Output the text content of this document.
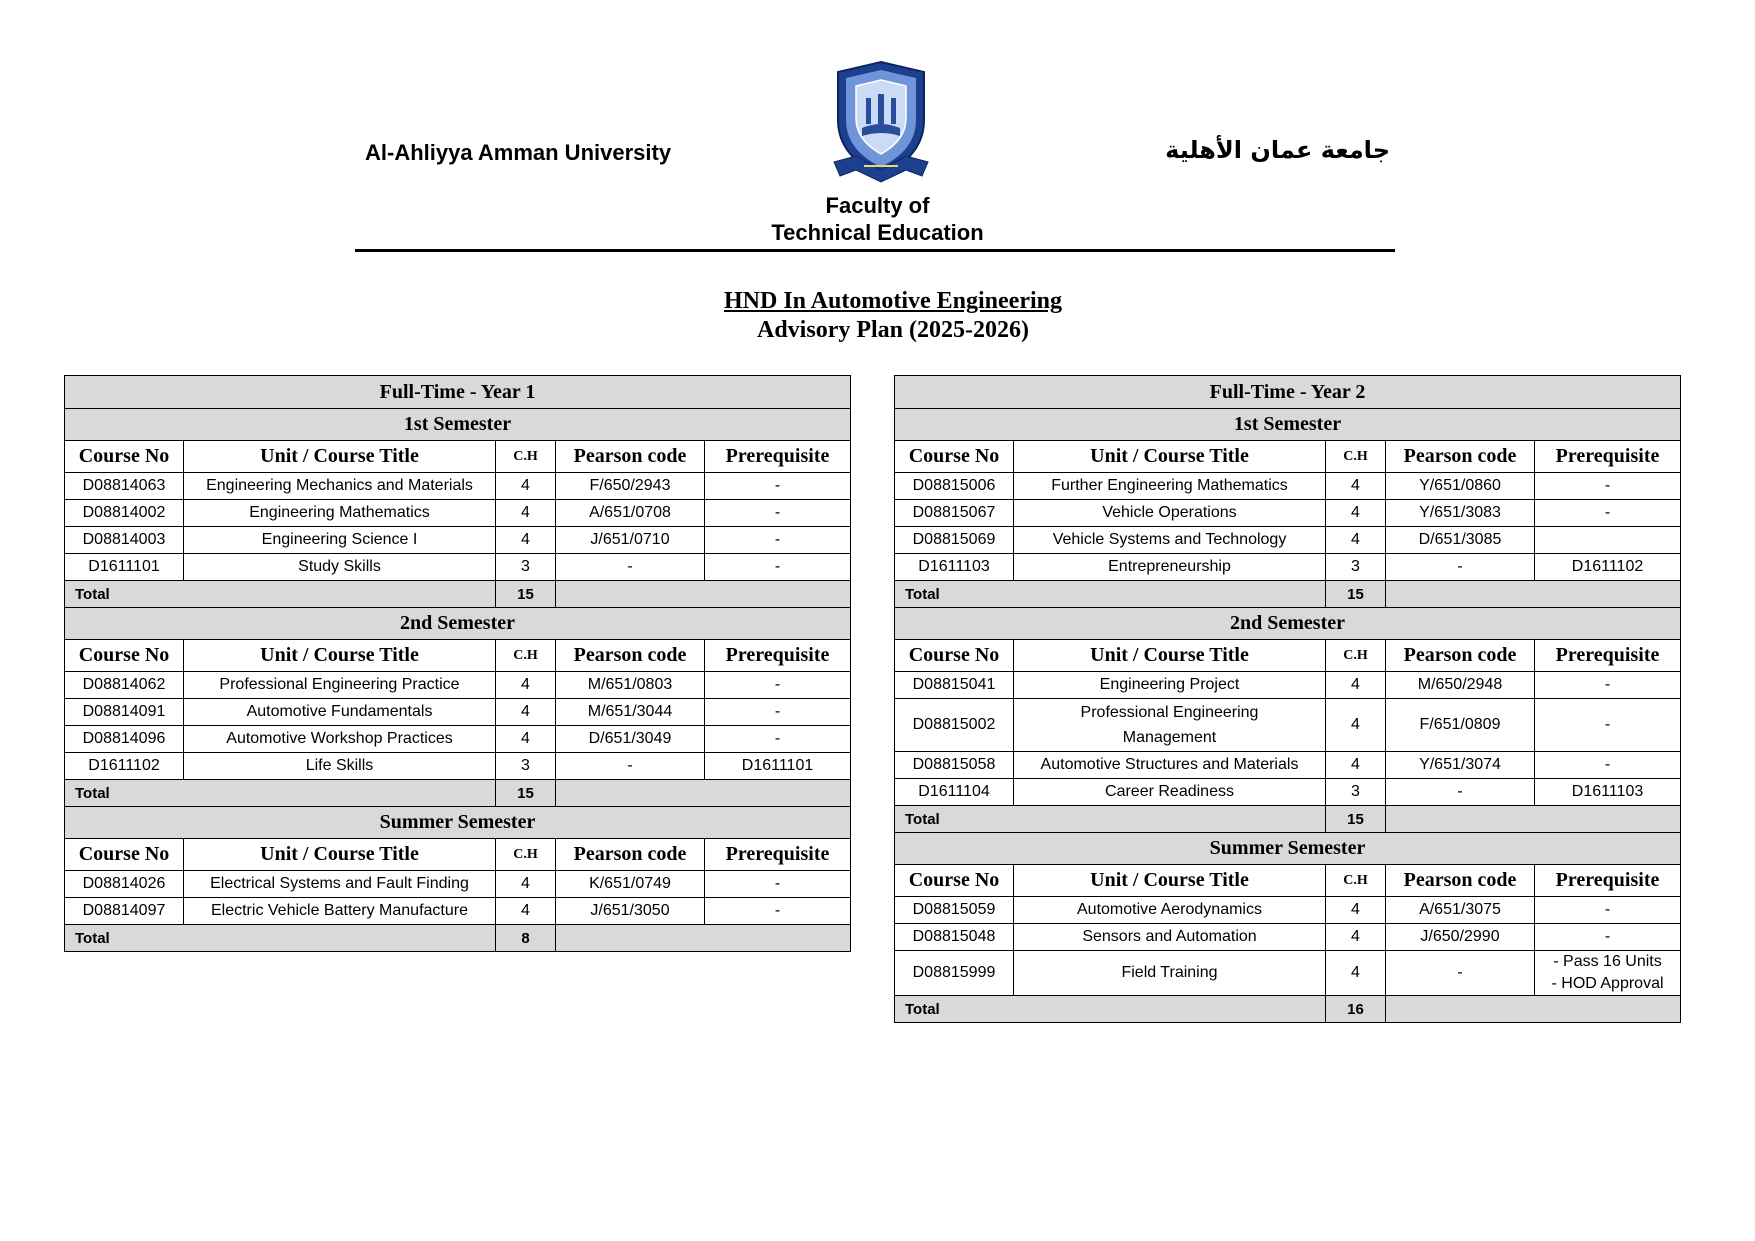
Al-Ahliyya Amman University	جامعة عمان الأهلية
Faculty of
Technical Education
HND In Automotive Engineering
Advisory Plan (2025-2026)
Full-Time - Year 1				
1st Semester				
Course No	Unit / Course Title	C.H	Pearson code	Prerequisite
D08814063	Engineering Mechanics and Materials	4	F/650/2943	-
D08814002	Engineering Mathematics	4	A/651/0708	-
D08814003	Engineering Science I	4	J/651/0710	-
D1611101	Study Skills	3	-	-
Total		15		
2nd Semester				
Course No	Unit / Course Title	C.H	Pearson code	Prerequisite
D08814062	Professional Engineering Practice	4	M/651/0803	-
D08814091	Automotive Fundamentals	4	M/651/3044	-
D08814096	Automotive Workshop Practices	4	D/651/3049	-
D1611102	Life Skills	3	-	D1611101
Total		15		
Summer Semester				
Course No	Unit / Course Title	C.H	Pearson code	Prerequisite
D08814026	Electrical Systems and Fault Finding	4	K/651/0749	-
D08814097	Electric Vehicle Battery Manufacture	4	J/651/3050	-
Total		8		
Full-Time - Year 2				
1st Semester				
Course No	Unit / Course Title	C.H	Pearson code	Prerequisite
D08815006	Further Engineering Mathematics	4	Y/651/0860	-
D08815067	Vehicle Operations	4	Y/651/3083	-
D08815069	Vehicle Systems and Technology	4	D/651/3085	
D1611103	Entrepreneurship	3	-	D1611102
Total		15		
2nd Semester				
Course No	Unit / Course Title	C.H	Pearson code	Prerequisite
D08815041	Engineering Project	4	M/650/2948	-
D08815002	Professional Engineering Management	4	F/651/0809	-
D08815058	Automotive Structures and Materials	4	Y/651/3074	-
D1611104	Career Readiness	3	-	D1611103
Total		15		
Summer Semester				
Course No	Unit / Course Title	C.H	Pearson code	Prerequisite
D08815059	Automotive Aerodynamics	4	A/651/3075	-
D08815048	Sensors and Automation	4	J/650/2990	-
D08815999	Field Training	4	-	- Pass 16 Units
- HOD Approval

Total		16		
